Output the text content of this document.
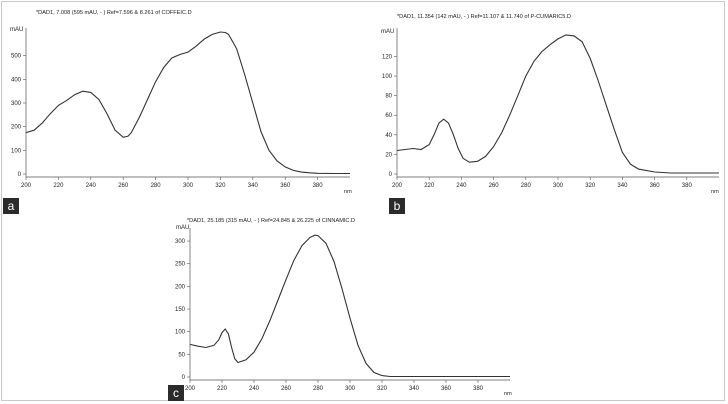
*DAD1, 7.008 (595 mAU, - ) Ref=7.596 & 8.261 of COFFEIC.D
mAU
nm
0
100
200
300
400
500
200	220	240	260	280	300	320	340	360	380
*DAD1, 11.354 (142 mAU, - ) Ref=11.107 & 11.740 of P-CUMARIC5.D
mAU
nm
0
20
40
60
80
100
120
200	220	240	260	280	300	320	340	360	380
*DAD1, 25.185 (315 mAU, - ) Ref=24.845 & 26.225 of CINNAMIC.D
mAU
nm
0
50
100
150
200
250
300
200	220	240	260	280	300	320	340	360	380
a	b
c
